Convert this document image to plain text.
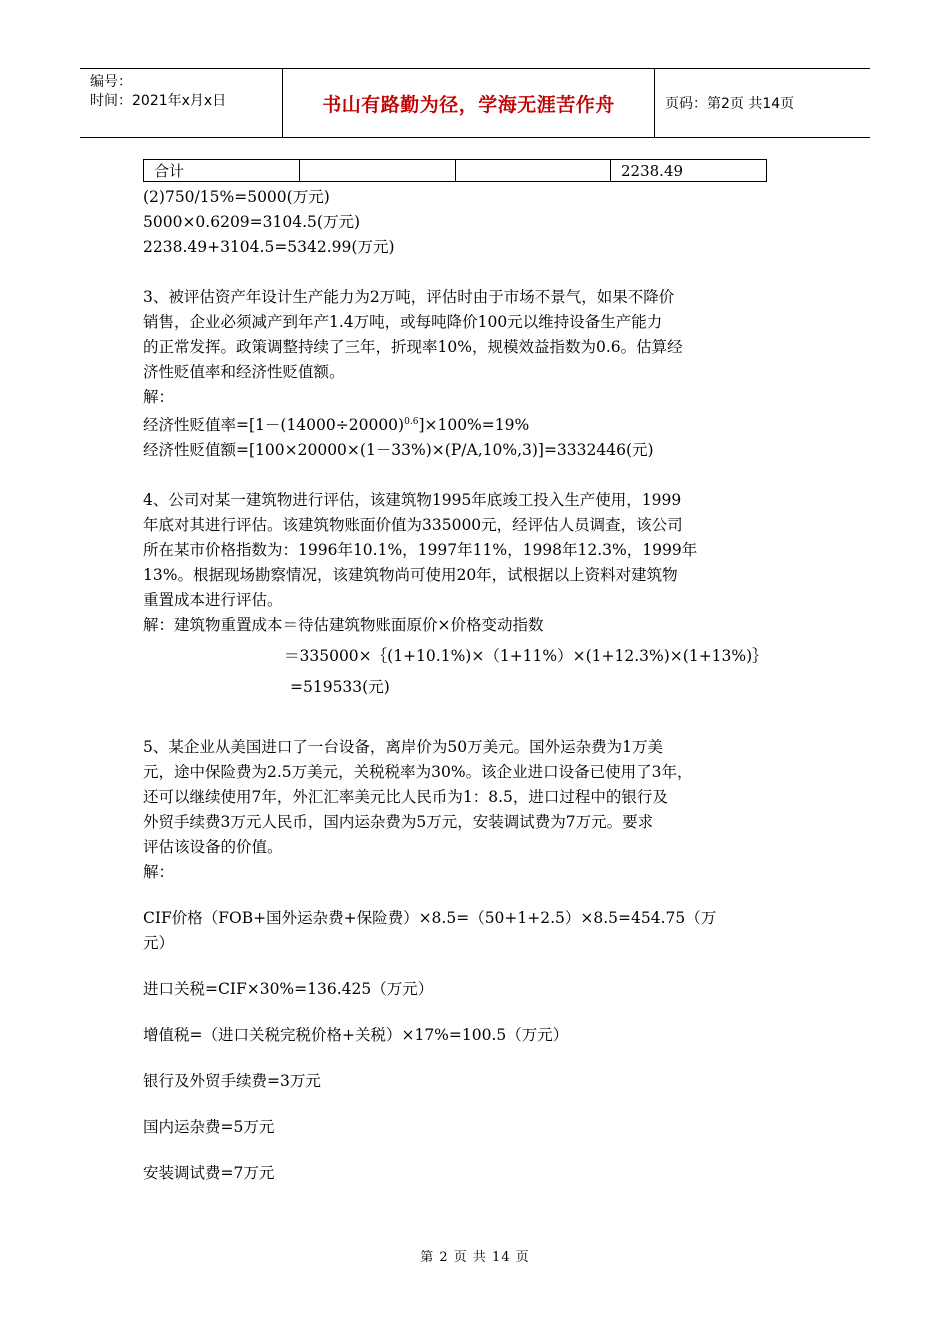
编号：
时间：2021年x月x日	书山有路勤为径，学海无涯苦作舟	页码：第2页 共14页
合计			2238.49

(2)750/15%=5000(万元)

5000×0.6209=3104.5(万元)

2238.49+3104.5=5342.99(万元)

3、被评估资产年设计生产能力为2万吨，评估时由于市场不景气，如果不降价

销售，企业必须减产到年产1.4万吨，或每吨降价100元以维持设备生产能力

的正常发挥。政策调整持续了三年，折现率10%，规模效益指数为0.6。估算经

济性贬值率和经济性贬值额。

解：

经济性贬值率$=[1-(14000\div 20000)^{0.6}]\times 100\%=19\%$

经济性贬值额=[100×20000×(1－33%)×(P/A,10%,3)]=3332446(元)

4、公司对某一建筑物进行评估，该建筑物1995年底竣工投入生产使用，1999

年底对其进行评估。该建筑物账面价值为335000元，经评估人员调查，该公司

所在某市价格指数为：1996年10.1%，1997年11%，1998年12.3%，1999年

13%。根据现场勘察情况，该建筑物尚可使用20年，试根据以上资料对建筑物

重置成本进行评估。

解：建筑物重置成本＝待估建筑物账面原价×价格变动指数

＝335000×｛(1+10.1%)×（1+11%）×(1+12.3%)×(1+13%)｝

=519533(元)

5、某企业从美国进口了一台设备，离岸价为50万美元。国外运杂费为1万美

元，途中保险费为2.5万美元，关税税率为30%。该企业进口设备已使用了3年，

还可以继续使用7年，外汇汇率美元比人民币为1：8.5，进口过程中的银行及

外贸手续费3万元人民币，国内运杂费为5万元，安装调试费为7万元。要求

评估该设备的价值。

解：

CIF价格（FOB+国外运杂费+保险费）×8.5=（50+1+2.5）×8.5=454.75（万

元）

进口关税=CIF×30%=136.425（万元）

增值税=（进口关税完税价格+关税）×17%=100.5（万元）

银行及外贸手续费=3万元

国内运杂费=5万元

安装调试费=7万元

第 2 页 共 14 页
